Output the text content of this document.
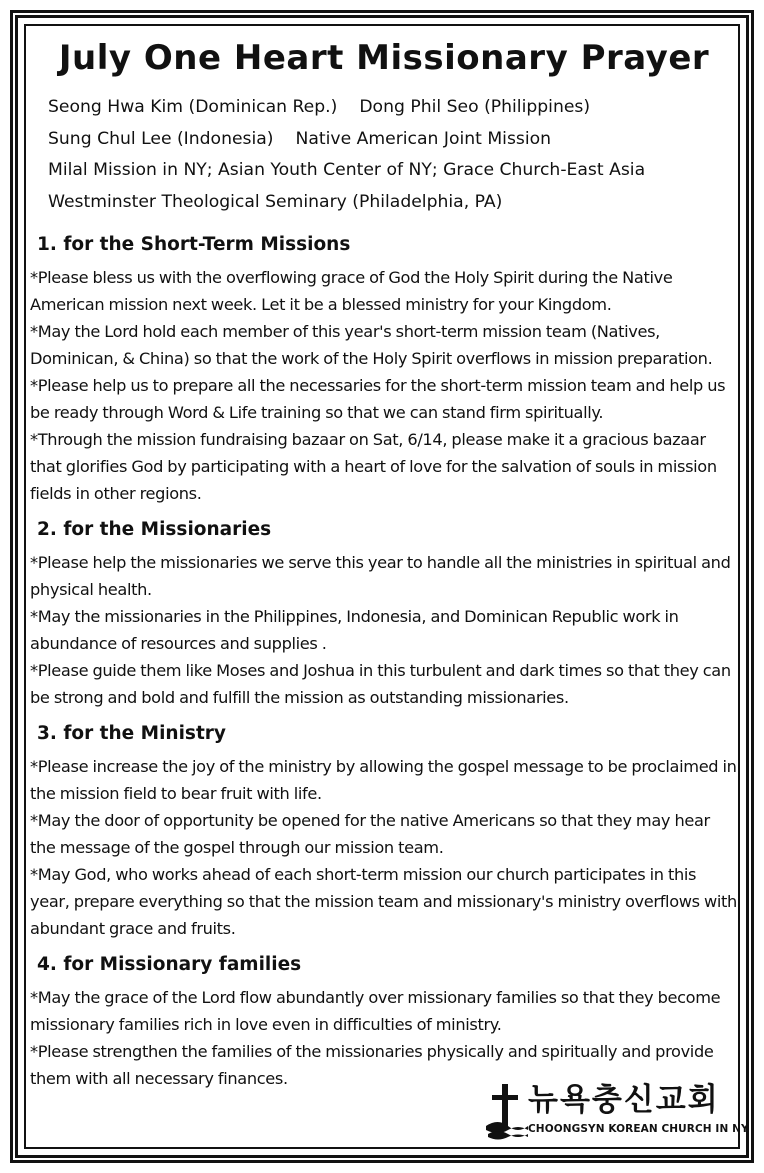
July One Heart Missionary Prayer
Seong Hwa Kim (Dominican Rep.) Dong Phil Seo (Philippines)
Sung Chul Lee (Indonesia) Native American Joint Mission
Milal Mission in NY; Asian Youth Center of NY; Grace Church-East Asia
Westminster Theological Seminary (Philadelphia, PA)
1. for the Short-Term Missions
*Please bless us with the overflowing grace of God the Holy Spirit during the Native American mission next week. Let it be a blessed ministry for your Kingdom.
*May the Lord hold each member of this year's short-term mission team (Natives, Dominican, & China) so that the work of the Holy Spirit overflows in mission preparation.
*Please help us to prepare all the necessaries for the short-term mission team and help us be ready through Word & Life training so that we can stand firm spiritually.
*Through the mission fundraising bazaar on Sat, 6/14, please make it a gracious bazaar that glorifies God by participating with a heart of love for the salvation of souls in mission fields in other regions.
2. for the Missionaries
*Please help the missionaries we serve this year to handle all the ministries in spiritual and physical health.
*May the missionaries in the Philippines, Indonesia, and Dominican Republic work in abundance of resources and supplies .
*Please guide them like Moses and Joshua in this turbulent and dark times so that they can be strong and bold and fulfill the mission as outstanding missionaries.
3. for the Ministry
*Please increase the joy of the ministry by allowing the gospel message to be proclaimed in the mission field to bear fruit with life.
*May the door of opportunity be opened for the native Americans so that they may hear the message of the gospel through our mission team.
*May God, who works ahead of each short-term mission our church participates in this year, prepare everything so that the mission team and missionary's ministry overflows with abundant grace and fruits.
4. for Missionary families
*May the grace of the Lord flow abundantly over missionary families so that they become missionary families rich in love even in difficulties of ministry.
*Please strengthen the families of the missionaries physically and spiritually and provide them with all necessary finances.
뉴욕충신교회
CHOONGSYN KOREAN CHURCH IN NY
